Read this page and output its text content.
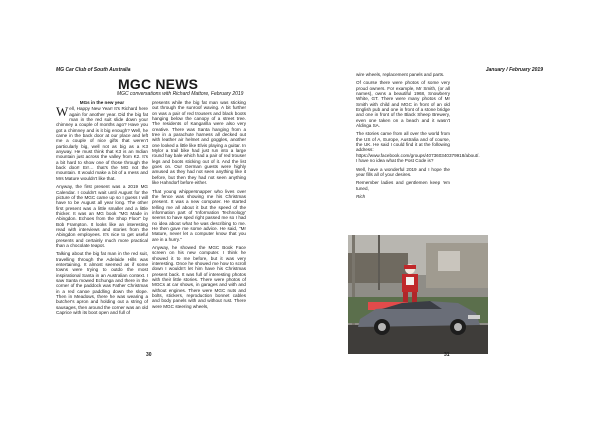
MG Car Club of South Australia
MGC NEWS
MGC conversations with Richard Mattore, February 2019
MGs in the new year

Well, Happy New Year! It's Richard here again for another year. Did the big fat man in the red suit slide down your chimney a couple of months ago? Have you got a chimney and is it big enough? Well, he came in the back door at our place and left me a couple of nice gifts that weren't particularly big, well not as big as a K3 anyway. He must think that K3 is an Indian mountain just across the valley from K2. It's a bit hard to show one of those through the back door! Err… that's the MG not the mountain. It would make a bit of a mess and Mrs Mature wouldn't like that.

Anyway, the first present was a 2019 MG Calendar. I couldn't wait until August for the picture of the MGC came up so I guess I will have to be August all year long. The other first present was a little smaller and a little thicker. It was an MG book "MG Made in Abingdon. Echoes from the Shop Floor" by Bob Frampton. It looks like an interesting read with interviews and stories from the Abingdon employees. It's nice to get useful presents and certainly much more practical than a chocolate teapot.

Talking about the big fat man in the red suit, travelling through the Adelaide Hills was entertaining. It almost seemed as if some towns were trying to outdo the most inspirational Santa in an Australian context. I saw Santa mowed Echunga and there in the corner of the paddock was Father Christmas in a red canoe paddling down the slope. Then in Meadows, there he was wearing a butcher's apron and holding out a string of sausages, then around the corner was an old Caprice with its boot open and full of

presents while the big fat man was sticking out through the sunroof waving. A bit further on was a pair of red trousers and black boots hanging below the canopy of a street tree. The residents of Kangarilla were also very creative. There was Santa hanging from a tree in a parachute harness all decked out with leather air helmet and goggles, another one looked a little like Elvis playing a guitar. In Mylor a trail bike had just run into a large round hay bale which had a pair of red trouser legs and boots sticking out of it. And the list goes on. Our German guests were highly amused as they had not seen anything like it before, but then they had not seen anything like Hahndorf before either.

That young whippersnapper who lives over the fence was showing me his Christmas present. It was a new computer. He started telling me all about it but the speed of the information part of 'Information Technology' seems to have sped right passed me so I had no idea about what he was describing to me. He then gave me some advice. He said, "Mr Mature, never let a computer know that you are in a hurry."

Anyway, he showed the MGC Book Face screen on his new computer. I think he showed it to me before, but it was very interesting. Once he showed me how to scroll down I wouldn't let him have his Christmas present back. It was full of interesting photos with their little stories. There were photos of MGCs at car shows, in garages and with and without engines. There were MGC nuts and bolts, stickers, reproduction bonnet cables and body panels with and without rust. There were MGC steering wheels,

30
January / February 2019

wire wheels, replacement panels and parts.

Of course there were photos of some very proud owners. For example, Mr Smith, (or all names), owns a beautiful 1968, Snowberry White, GT. There were many photos of Mr Smith with child and MGC in front of an old English pub and one in front of a stone bridge and one in front of the Black Sheep Brewery, even one taken on a beach and it wasn't Aldinga SA.

The stories came from all over the world from the US of A, Europe, Australia and of course, the UK. He said I could find it at the following address: https://www.facebook.com/groups/407360340379918/about/. I have no idea what the Post Code is?

Well, have a wonderful 2019 and I hope the year fills all of your desires.

Remember ladies and gentlemen keep 'em tuned,

Rich

31
